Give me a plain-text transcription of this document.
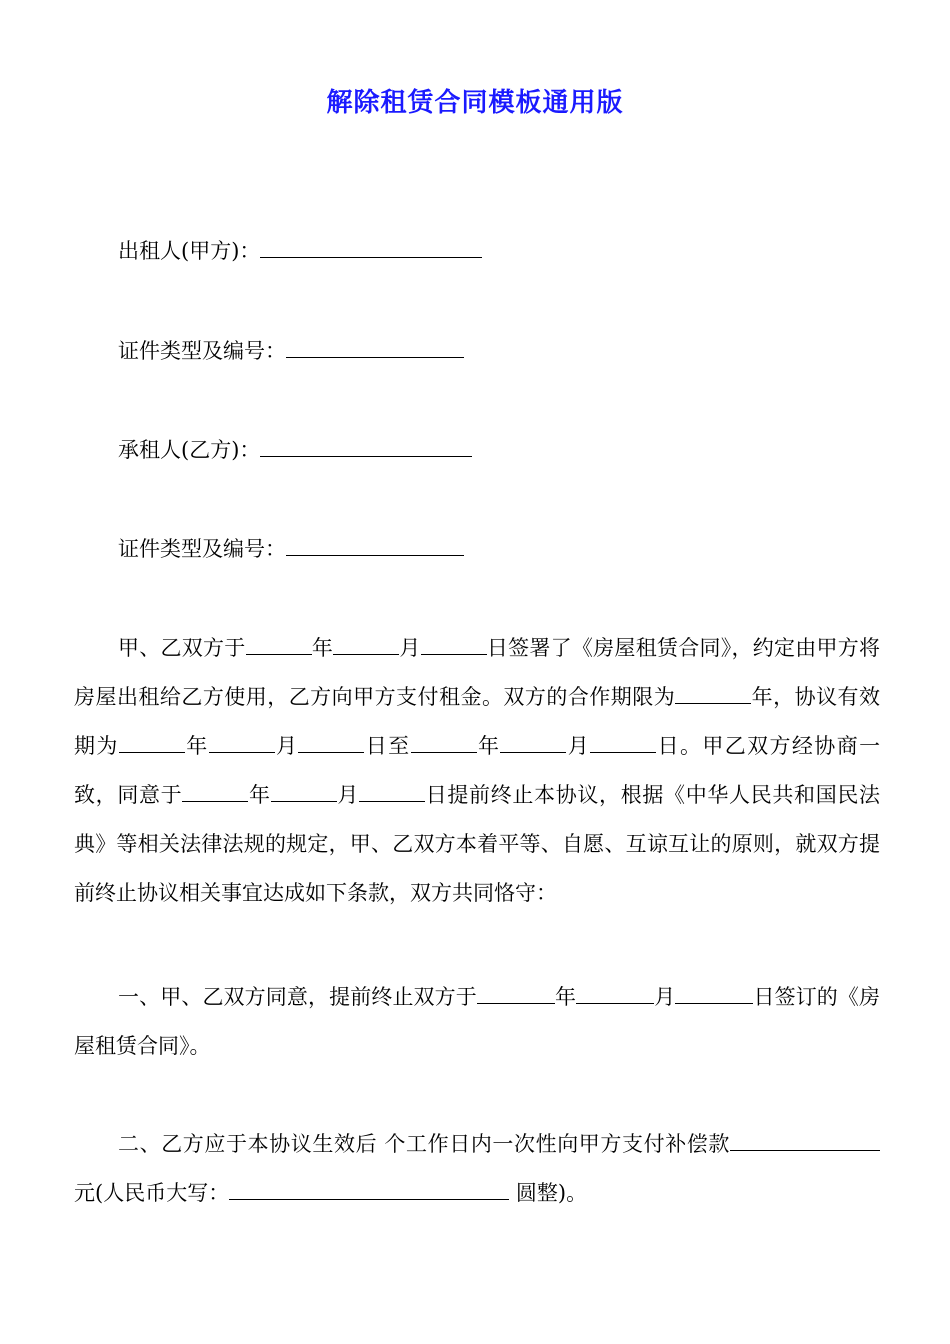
解除租赁合同模板通用版
出租人(甲方)：
证件类型及编号：
承租人(乙方)：
证件类型及编号：
甲、乙双方于	年	月	日签署了《房屋租赁合同》，约定由甲方将房屋出租给乙方使用，乙方向甲方支付租金。双方的合作期限为	年，协议有效期为	年	月	日至	年	月	日。甲乙双方经协商一致，同意于	年	月	日提前终止本协议，根据《中华人民共和国民法典》等相关法律法规的规定，甲、乙双方本着平等、自愿、互谅互让的原则，就双方提前终止协议相关事宜达成如下条款，双方共同恪守：
一、甲、乙双方同意，提前终止双方于	年	月	日签订的《房屋租赁合同》。
二、乙方应于本协议生效后 个工作日内一次性向甲方支付补偿款元(人民币大写：	圆整)。
